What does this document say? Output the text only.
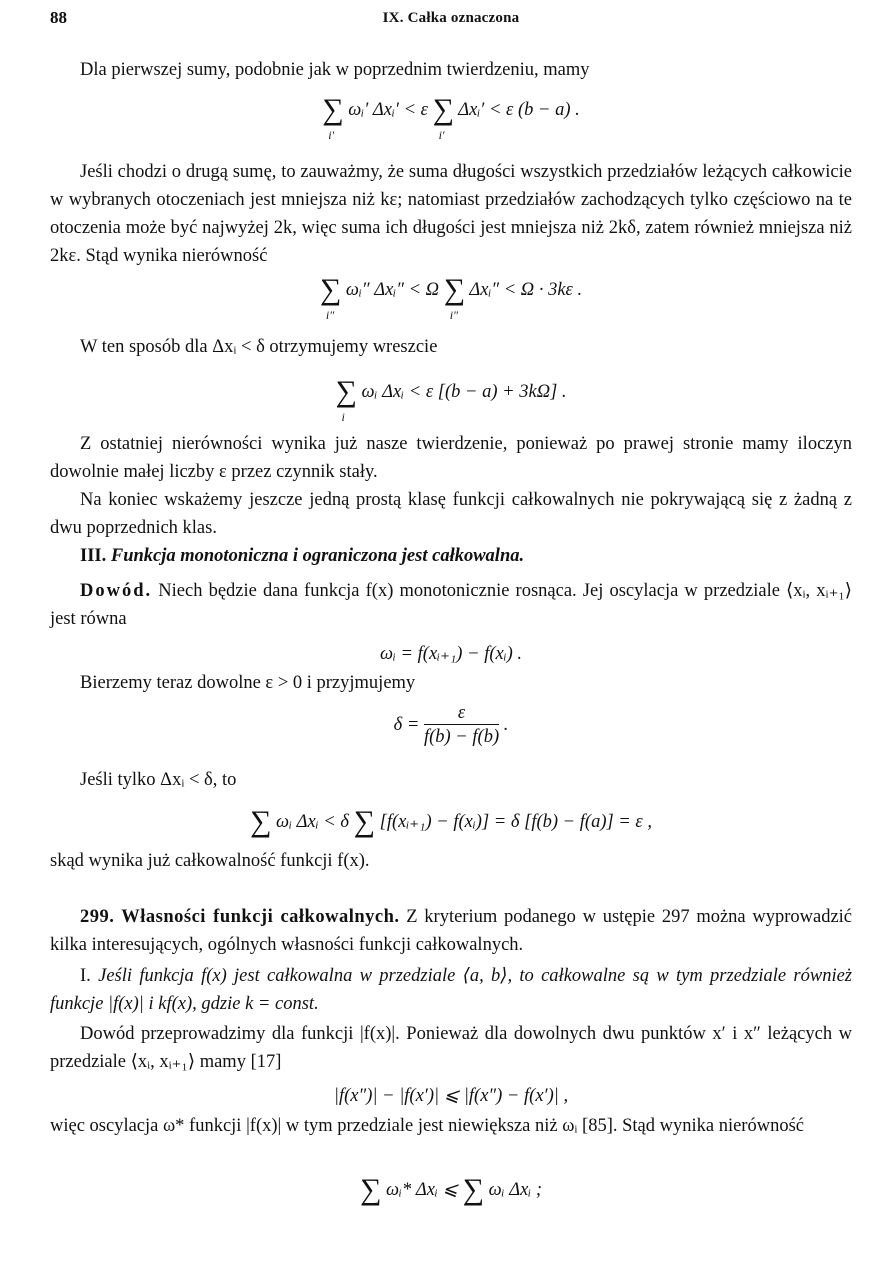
88	IX. Całka oznaczona
Dla pierwszej sumy, podobnie jak w poprzednim twierdzeniu, mamy
∑
i′
ωᵢ′ Δxᵢ′ < ε ∑
i′
Δxᵢ′ < ε (b − a) .
Jeśli chodzi o drugą sumę, to zauważmy, że suma długości wszystkich przedziałów leżących całkowicie w wybranych otoczeniach jest mniejsza niż kε; natomiast przedziałów zachodzących tylko częściowo na te otoczenia może być najwyżej 2k, więc suma ich długości jest mniejsza niż 2kδ, zatem również mniejsza niż 2kε. Stąd wynika nierówność
∑
i″
ωᵢ″ Δxᵢ″ < Ω ∑
i″
Δxᵢ″ < Ω · 3kε .
W ten sposób dla Δxᵢ < δ otrzymujemy wreszcie
∑
i
ωᵢ Δxᵢ < ε [(b − a) + 3kΩ] .
Z ostatniej nierówności wynika już nasze twierdzenie, ponieważ po prawej stronie mamy iloczyn dowolnie małej liczby ε przez czynnik stały.
Na koniec wskażemy jeszcze jedną prostą klasę funkcji całkowalnych nie pokrywającą się z żadną z dwu poprzednich klas.
III. Funkcja monotoniczna i ograniczona jest całkowalna.
Dowód. Niech będzie dana funkcja f(x) monotonicznie rosnąca. Jej oscylacja w przedziale ⟨xᵢ, xᵢ₊₁⟩ jest równa
ωᵢ = f(xᵢ₊₁) − f(xᵢ) .
Bierzemy teraz dowolne ε > 0 i przyjmujemy
$\delta = \frac{\varepsilon}{f(b) - f(b)}$ .
Jeśli tylko Δxᵢ < δ, to
∑ ωᵢ Δxᵢ < δ ∑ [f(xᵢ₊₁) − f(xᵢ)] = δ [f(b) − f(a)] = ε ,
skąd wynika już całkowalność funkcji f(x).
299. Własności funkcji całkowalnych. Z kryterium podanego w ustępie 297 można wyprowadzić kilka interesujących, ogólnych własności funkcji całkowalnych.
I. Jeśli funkcja f(x) jest całkowalna w przedziale ⟨a, b⟩, to całkowalne są w tym przedziale również funkcje |f(x)| i kf(x), gdzie k = const.
Dowód przeprowadzimy dla funkcji |f(x)|. Ponieważ dla dowolnych dwu punktów x′ i x″ leżących w przedziale ⟨xᵢ, xᵢ₊₁⟩ mamy [17]
|f(x″)| − |f(x′)| ⩽ |f(x″) − f(x′)| ,
więc oscylacja ω* funkcji |f(x)| w tym przedziale jest niewiększa niż ωᵢ [85]. Stąd wynika nierówność
∑ ωᵢ* Δxᵢ ⩽ ∑ ωᵢ Δxᵢ ;
